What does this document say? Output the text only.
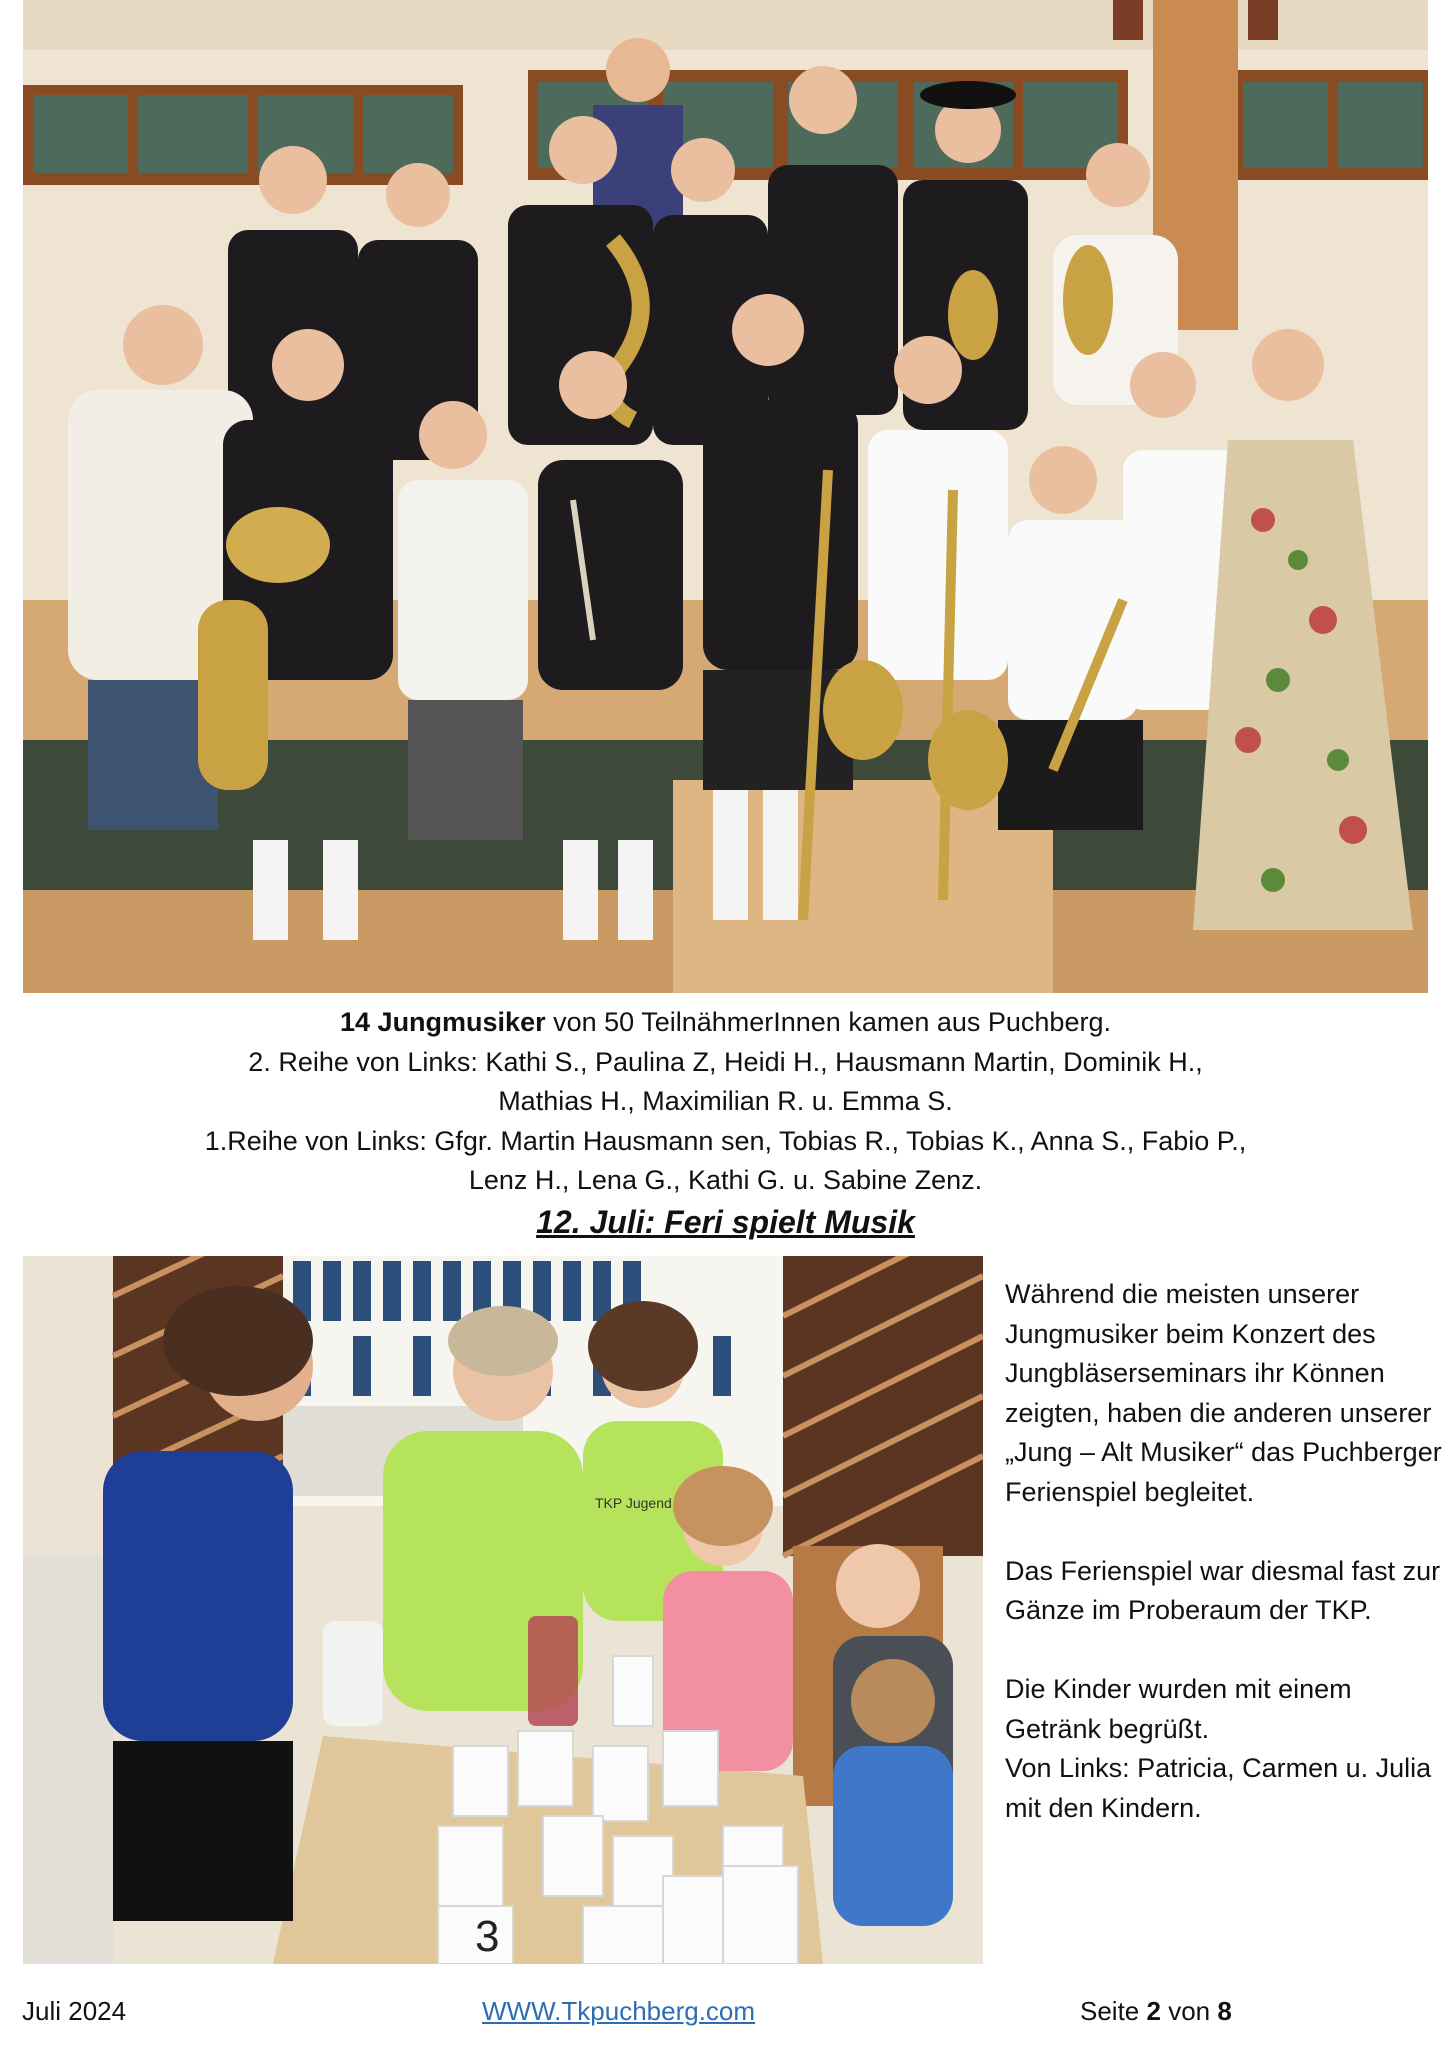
14 Jungmusiker von 50 TeilnähmerInnen kamen aus Puchberg.

2. Reihe von Links: Kathi S., Paulina Z, Heidi H., Hausmann Martin, Dominik H.,

Mathias H., Maximilian R. u. Emma S.

1.Reihe von Links: Gfgr. Martin Hausmann sen, Tobias R., Tobias K., Anna S., Fabio P.,

Lenz H., Lena G., Kathi G. u. Sabine Zenz.

12. Juli: Feri spielt Musik
3
TKP Jugend

Während die meisten unserer Jungmusiker beim Konzert des Jungbläserseminars ihr Können zeigten, haben die anderen unserer „Jung – Alt Musiker“ das Puchberger Ferienspiel begleitet.

Das Ferienspiel war diesmal fast zur Gänze im Proberaum der TKP.

Die Kinder wurden mit einem Getränk begrüßt.
Von Links: Patricia, Carmen u. Julia mit den Kindern.

Juli 2024	WWW.Tkpuchberg.com	Seite 2 von 8
